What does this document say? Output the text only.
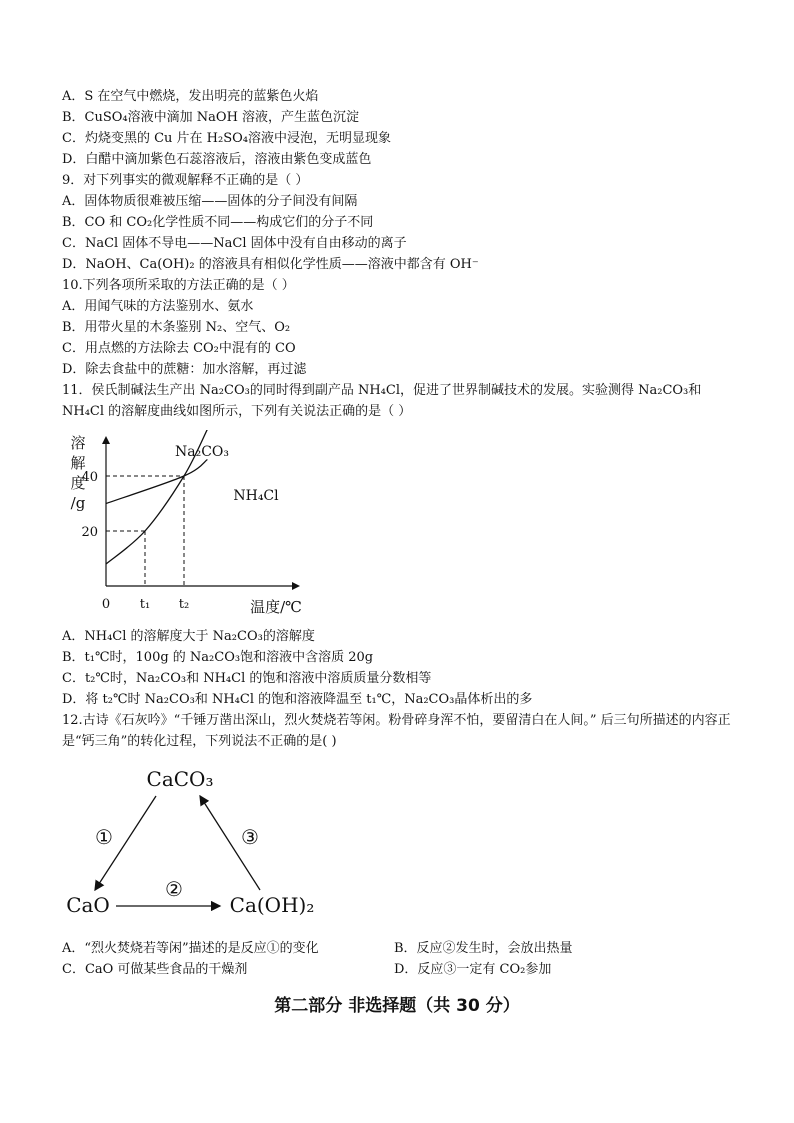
A．S 在空气中燃烧，发出明亮的蓝紫色火焰
B．CuSO₄溶液中滴加 NaOH 溶液，产生蓝色沉淀
C．灼烧变黑的 Cu 片在 H₂SO₄溶液中浸泡，无明显现象
D．白醋中滴加紫色石蕊溶液后，溶液由紫色变成蓝色
9．对下列事实的微观解释不正确的是（ ）
A．固体物质很难被压缩——固体的分子间没有间隔
B．CO 和 CO₂化学性质不同——构成它们的分子不同
C．NaCl 固体不导电——NaCl 固体中没有自由移动的离子
D．NaOH、Ca(OH)₂ 的溶液具有相似化学性质——溶液中都含有 OH⁻
10.下列各项所采取的方法正确的是（ ）
A．用闻气味的方法鉴别水、氨水
B．用带火星的木条鉴别 N₂、空气、O₂
C．用点燃的方法除去 CO₂中混有的 CO
D．除去食盐中的蔗糖：加水溶解，再过滤
11．侯氏制碱法生产出 Na₂CO₃的同时得到副产品 NH₄Cl，促进了世界制碱技术的发展。实验测得 Na₂CO₃和 NH₄Cl 的溶解度曲线如图所示，下列有关说法正确的是（ ）
溶
解
度
/g
40
20
0 t₁ t₂	温度/℃
Na₂CO₃
NH₄Cl
A．NH₄Cl 的溶解度大于 Na₂CO₃的溶解度
B．t₁℃时，100g 的 Na₂CO₃饱和溶液中含溶质 20g
C．t₂℃时，Na₂CO₃和 NH₄Cl 的饱和溶液中溶质质量分数相等
D．将 t₂℃时 Na₂CO₃和 NH₄Cl 的饱和溶液降温至 t₁℃，Na₂CO₃晶体析出的多
12.古诗《石灰吟》“千锤万凿出深山，烈火焚烧若等闲。粉骨碎身浑不怕，要留清白在人间。” 后三句所描述的内容正是“钙三角”的转化过程，下列说法不正确的是( )
CaCO₃
CaO	Ca(OH)₂
①
②
③
A．“烈火焚烧若等闲”描述的是反应①的变化	B．反应②发生时，会放出热量
C．CaO 可做某些食品的干燥剂	D．反应③一定有 CO₂参加
第二部分 非选择题（共 30 分）
